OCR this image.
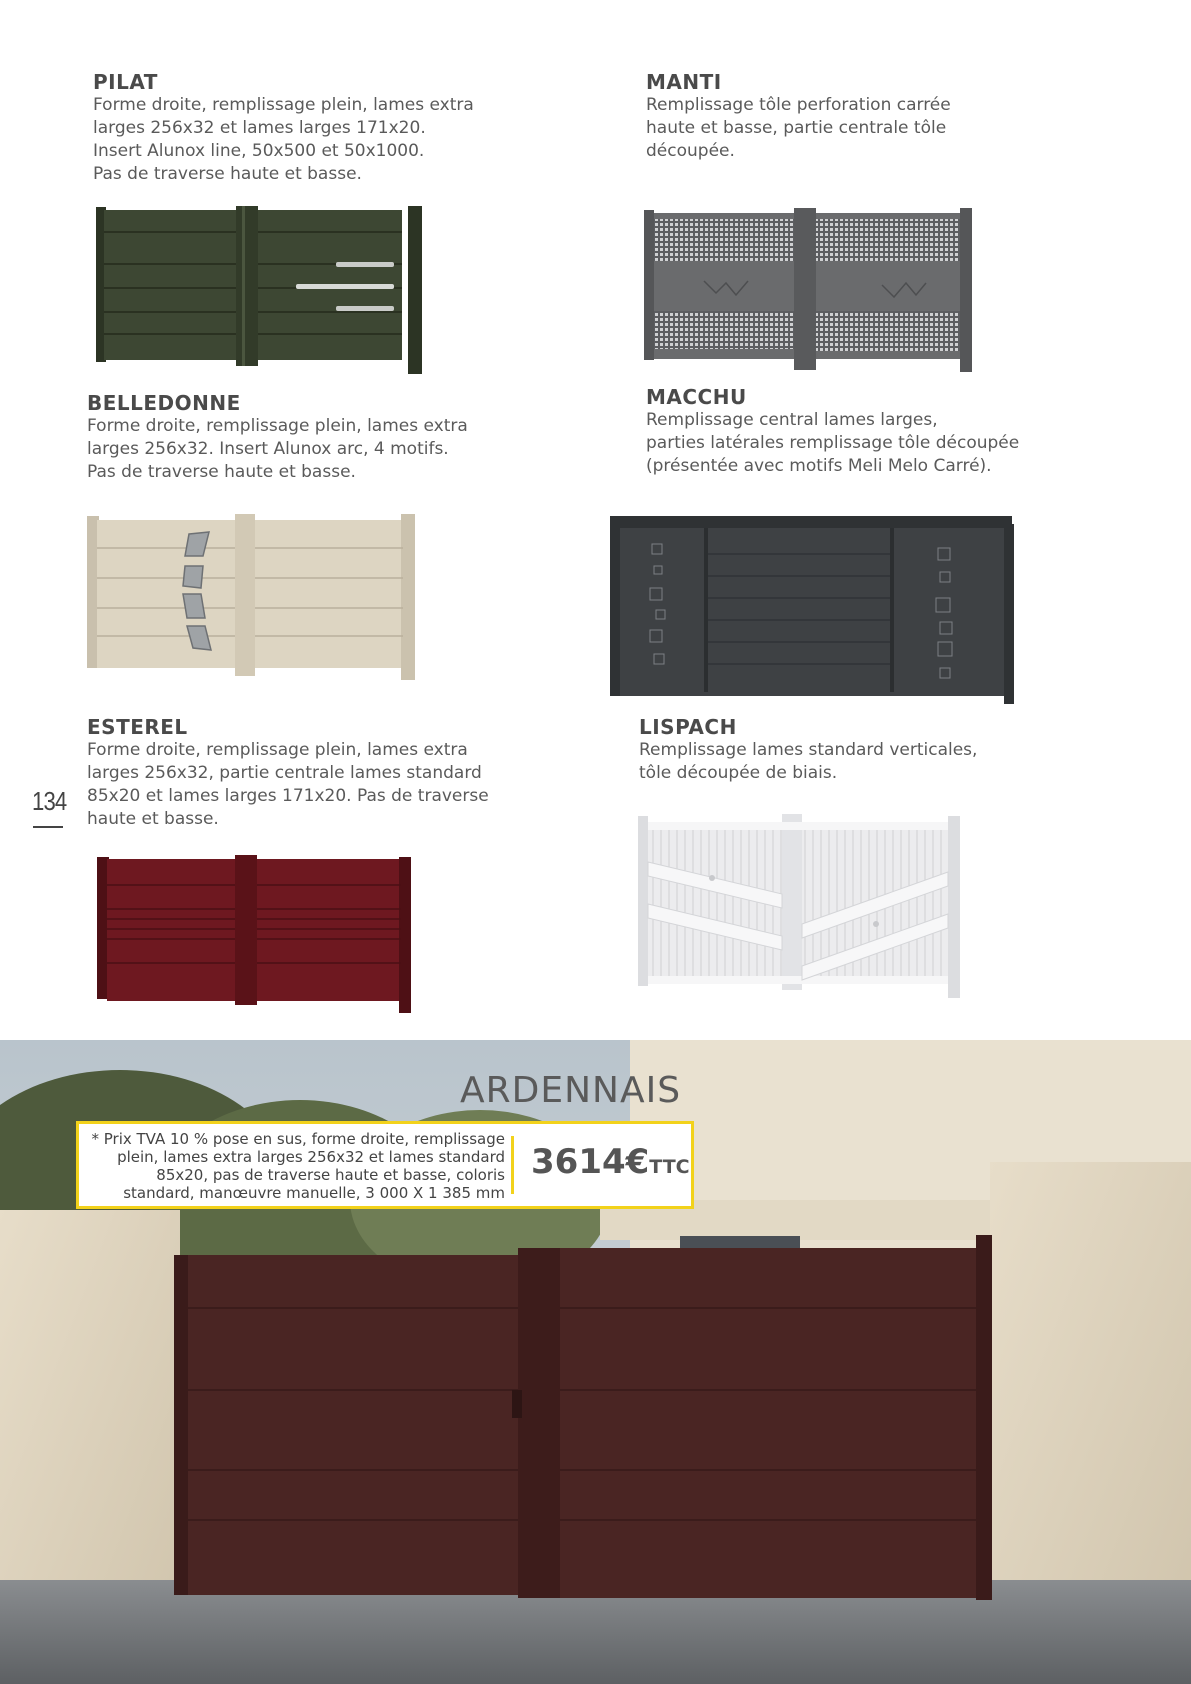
134
PILAT
Forme droite, remplissage plein, lames extra
larges 256x32 et lames larges 171x20.
Insert Alunox line, 50x500 et 50x1000.
Pas de traverse haute et basse.
MANTI
Remplissage tôle perforation carrée
haute et basse, partie centrale tôle
découpée.
BELLEDONNE
Forme droite, remplissage plein, lames extra
larges 256x32. Insert Alunox arc, 4 motifs.
Pas de traverse haute et basse.
MACCHU
Remplissage central lames larges,
parties latérales remplissage tôle découpée
(présentée avec motifs Meli Melo Carré).
ESTEREL
Forme droite, remplissage plein, lames extra
larges 256x32, partie centrale lames standard
85x20 et lames larges 171x20. Pas de traverse
haute et basse.
LISPACH
Remplissage lames standard verticales,
tôle découpée de biais.
ARDENNAIS
* Prix TVA 10 % pose en sus, forme droite, remplissage
plein, lames extra larges 256x32 et lames standard
85x20, pas de traverse haute et basse, coloris
standard, manœuvre manuelle, 3 000 X 1 385 mm
3614€TTC
